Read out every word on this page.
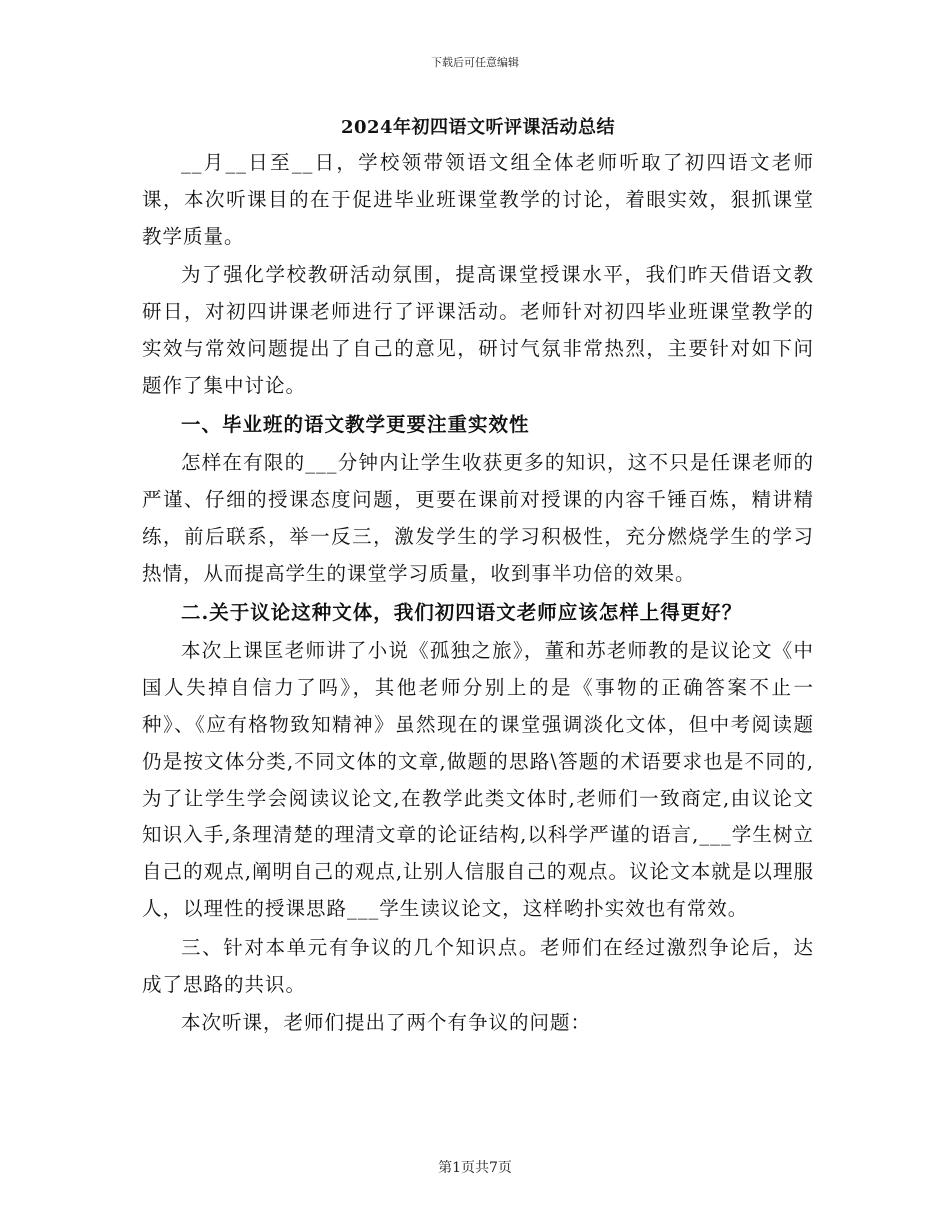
下载后可任意编辑
2024年初四语文听评课活动总结

__月__日至__日，学校领带领语文组全体老师听取了初四语文老师课，本次听课目的在于促进毕业班课堂教学的讨论，着眼实效，狠抓课堂教学质量。

为了强化学校教研活动氛围，提高课堂授课水平，我们昨天借语文教研日，对初四讲课老师进行了评课活动。老师针对初四毕业班课堂教学的实效与常效问题提出了自己的意见，研讨气氛非常热烈，主要针对如下问题作了集中讨论。

一、毕业班的语文教学更要注重实效性

怎样在有限的___分钟内让学生收获更多的知识，这不只是任课老师的严谨、仔细的授课态度问题，更要在课前对授课的内容千锤百炼，精讲精练，前后联系，举一反三，激发学生的学习积极性，充分燃烧学生的学习热情，从而提高学生的课堂学习质量，收到事半功倍的效果。

二.关于议论这种文体，我们初四语文老师应该怎样上得更好？

本次上课匡老师讲了小说《孤独之旅》，董和苏老师教的是议论文《中国人失掉自信力了吗》，其他老师分别上的是《事物的正确答案不止一种》、《应有格物致知精神》虽然现在的课堂强调淡化文体，但中考阅读题仍是按文体分类,不同文体的文章,做题的思路\答题的术语要求也是不同的,为了让学生学会阅读议论文,在教学此类文体时,老师们一致商定,由议论文知识入手,条理清楚的理清文章的论证结构,以科学严谨的语言,___学生树立自己的观点,阐明自己的观点,让别人信服自己的观点。议论文本就是以理服人，以理性的授课思路___学生读议论文，这样哟扑实效也有常效。

三、针对本单元有争议的几个知识点。老师们在经过激烈争论后，达成了思路的共识。

本次听课，老师们提出了两个有争议的问题：

第1页共7页
